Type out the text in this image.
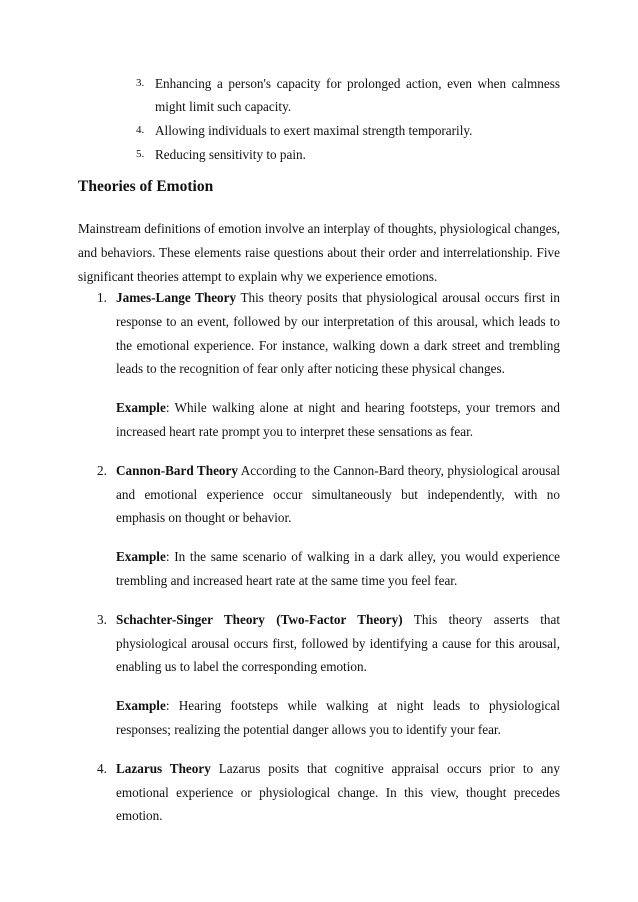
3. Enhancing a person's capacity for prolonged action, even when calmness might limit such capacity.
4. Allowing individuals to exert maximal strength temporarily.
5. Reducing sensitivity to pain.
Theories of Emotion
Mainstream definitions of emotion involve an interplay of thoughts, physiological changes, and behaviors. These elements raise questions about their order and interrelationship. Five significant theories attempt to explain why we experience emotions.
1. James-Lange Theory This theory posits that physiological arousal occurs first in response to an event, followed by our interpretation of this arousal, which leads to the emotional experience. For instance, walking down a dark street and trembling leads to the recognition of fear only after noticing these physical changes.
Example: While walking alone at night and hearing footsteps, your tremors and increased heart rate prompt you to interpret these sensations as fear.
2. Cannon-Bard Theory According to the Cannon-Bard theory, physiological arousal and emotional experience occur simultaneously but independently, with no emphasis on thought or behavior.
Example: In the same scenario of walking in a dark alley, you would experience trembling and increased heart rate at the same time you feel fear.
3. Schachter-Singer Theory (Two-Factor Theory) This theory asserts that physiological arousal occurs first, followed by identifying a cause for this arousal, enabling us to label the corresponding emotion.
Example: Hearing footsteps while walking at night leads to physiological responses; realizing the potential danger allows you to identify your fear.
4. Lazarus Theory Lazarus posits that cognitive appraisal occurs prior to any emotional experience or physiological change. In this view, thought precedes emotion.
